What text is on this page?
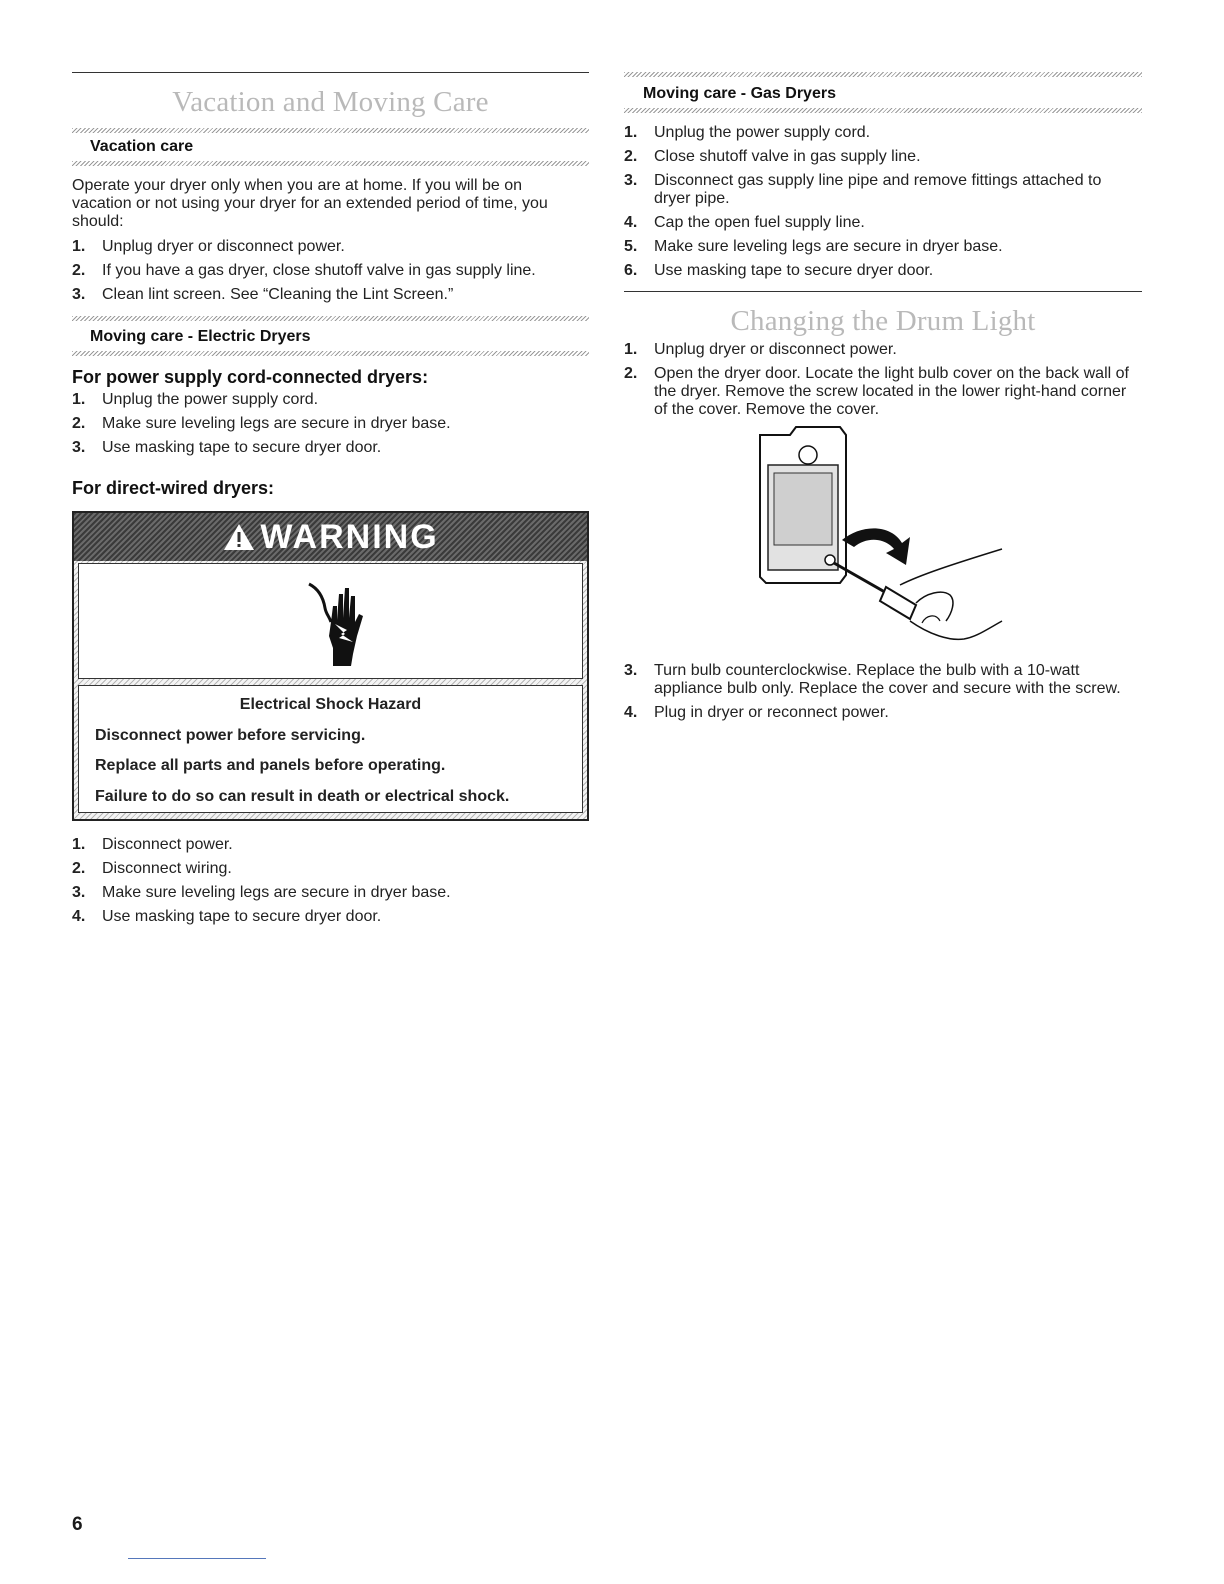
Vacation and Moving Care
Vacation care
Operate your dryer only when you are at home. If you will be on vacation or not using your dryer for an extended period of time, you should:
1. Unplug dryer or disconnect power.
2. If you have a gas dryer, close shutoff valve in gas supply line.
3. Clean lint screen. See “Cleaning the Lint Screen.”
Moving care - Electric Dryers
For power supply cord-connected dryers:
1. Unplug the power supply cord.
2. Make sure leveling legs are secure in dryer base.
3. Use masking tape to secure dryer door.
For direct-wired dryers:
WARNING
Electrical Shock Hazard
Disconnect power before servicing.
Replace all parts and panels before operating.
Failure to do so can result in death or electrical shock.
1. Disconnect power.
2. Disconnect wiring.
3. Make sure leveling legs are secure in dryer base.
4. Use masking tape to secure dryer door.
Moving care - Gas Dryers
1. Unplug the power supply cord.
2. Close shutoff valve in gas supply line.
3. Disconnect gas supply line pipe and remove fittings attached to dryer pipe.
4. Cap the open fuel supply line.
5. Make sure leveling legs are secure in dryer base.
6. Use masking tape to secure dryer door.
Changing the Drum Light
1. Unplug dryer or disconnect power.
2. Open the dryer door. Locate the light bulb cover on the back wall of the dryer. Remove the screw located in the lower right-hand corner of the cover. Remove the cover.
3. Turn bulb counterclockwise. Replace the bulb with a 10-watt appliance bulb only. Replace the cover and secure with the screw.
4. Plug in dryer or reconnect power.
6
